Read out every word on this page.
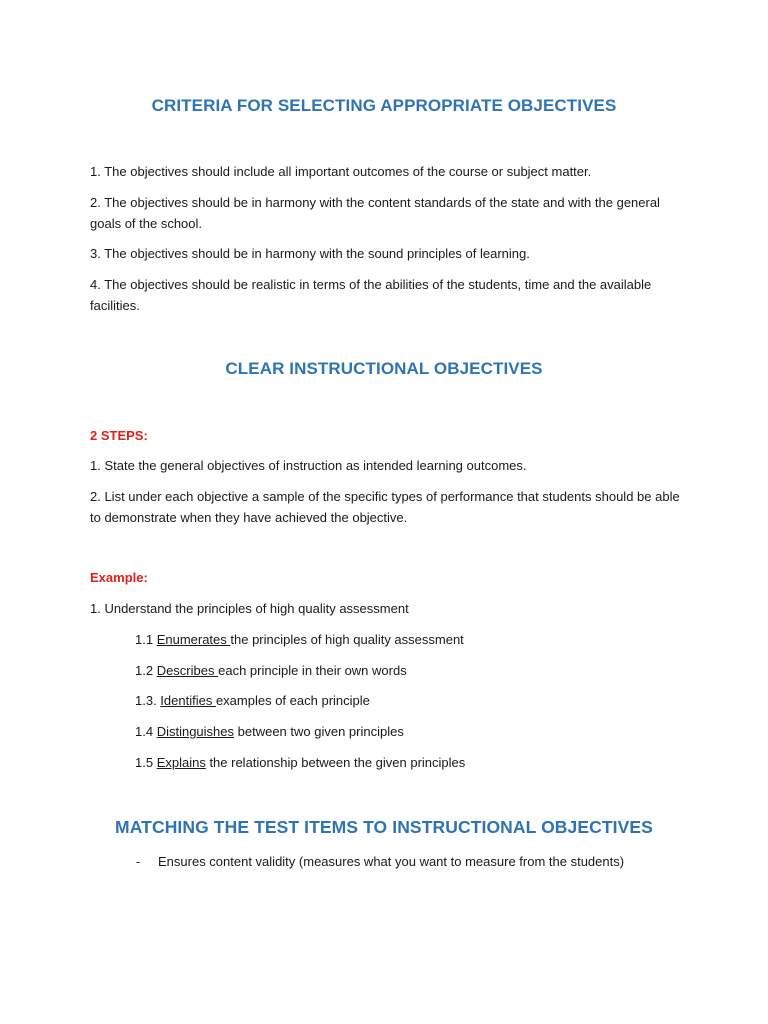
CRITERIA FOR SELECTING APPROPRIATE OBJECTIVES
1. The objectives should include all important outcomes of the course or subject matter.
2. The objectives should be in harmony with the content standards of the state and with the general goals of the school.
3. The objectives should be in harmony with the sound principles of learning.
4. The objectives should be realistic in terms of the abilities of the students, time and the available facilities.
CLEAR INSTRUCTIONAL OBJECTIVES
2 STEPS:
1. State the general objectives of instruction as intended learning outcomes.
2. List under each objective a sample of the specific types of performance that students should be able to demonstrate when they have achieved the objective.
Example:
1. Understand the principles of high quality assessment
1.1 Enumerates the principles of high quality assessment
1.2 Describes each principle in their own words
1.3. Identifies examples of each principle
1.4 Distinguishes between two given principles
1.5 Explains the relationship between the given principles
MATCHING THE TEST ITEMS TO INSTRUCTIONAL OBJECTIVES
- Ensures content validity (measures what you want to measure from the students)
